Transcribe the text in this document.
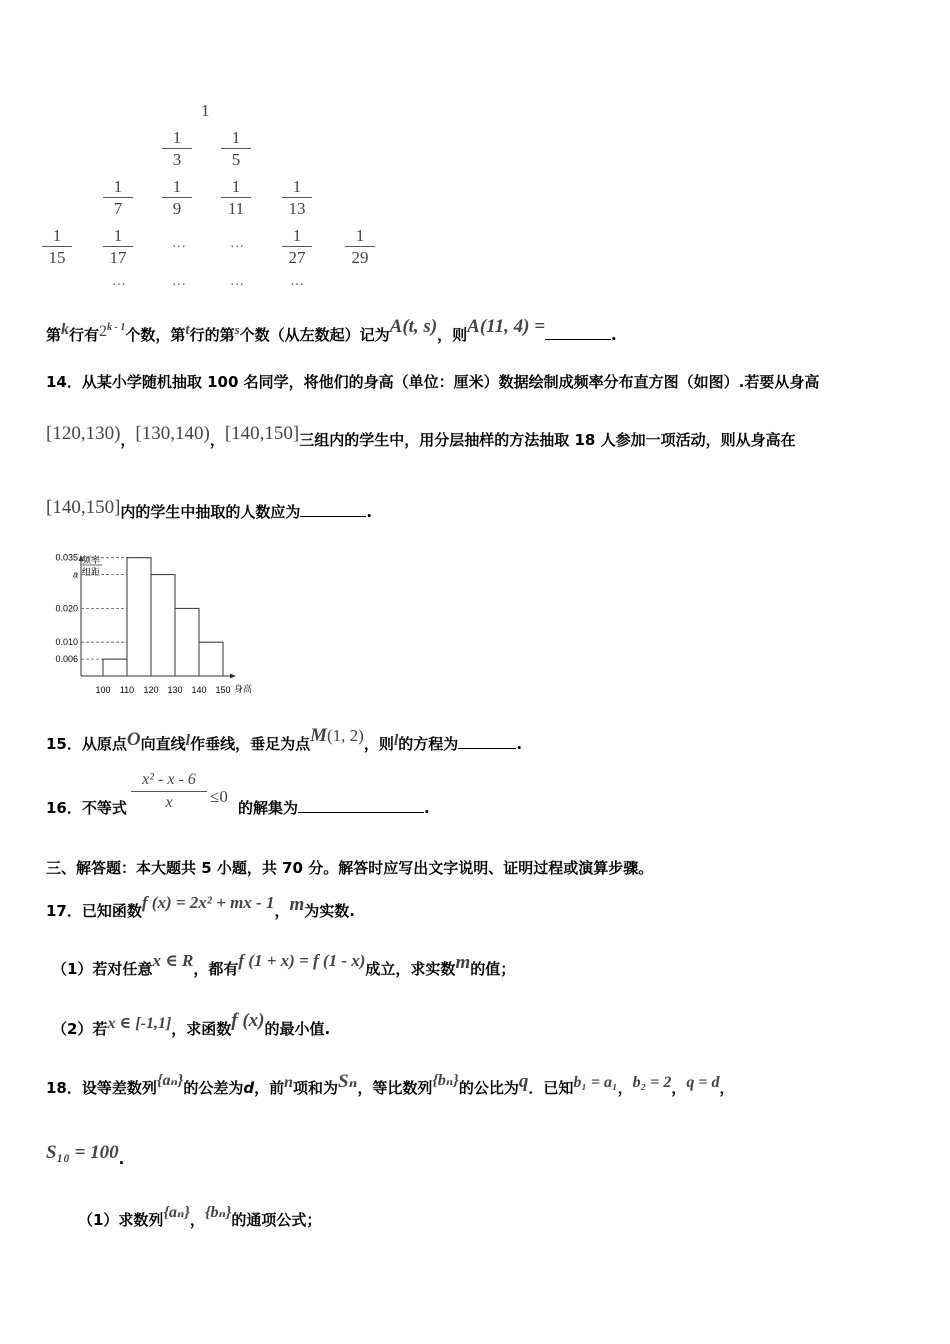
1
$\frac{1}{3} \frac{1}{5}$
$\frac{1}{7} \frac{1}{9} \frac{1}{11} \frac{1}{13}$
$\frac{1}{15} \frac{1}{17}$	…	… $\frac{1}{27} \frac{1}{29}$
…	…	…	…
第k行有2$^{k - 1}$个数，第t行的第s个数（从左数起）记为A(t, s)，则A(11, 4) =	.
14．从某小学随机抽取 100 名同学，将他们的身高（单位：厘米）数据绘制成频率分布直方图（如图）.若要从身高
[120,130)，[130,140)，[140,150]三组内的学生中，用分层抽样的方法抽取 18 人参加一项活动，则从身高在
[140,150]内的学生中抽取的人数应为	.
频率
组距
身高
0.035
a
0.020
0.010
0.006
100 110 120 130 140 150
15．从原点O向直线l作垂线，垂足为点M(1, 2)，则l的方程为	.
16．不等式
x² - x - 6
x	≤0
的解集为	.
三、解答题：本大题共 5 小题，共 70 分。解答时应写出文字说明、证明过程或演算步骤。
17．已知函数f (x) = 2x² + mx - 1，m为实数.
（1）若对任意x ∈ R，都有f (1 + x) = f (1 - x)成立，求实数m的值；
（2）若x ∈ [-1,1]，求函数f (x)的最小值.
18．设等差数列{aₙ}的公差为d，前n项和为Sₙ，等比数列{bₙ}的公比为q．已知b₁ = a₁，b₂ = 2，q = d，
S₁₀ = 100.
（1）求数列{aₙ}，{bₙ}的通项公式；
